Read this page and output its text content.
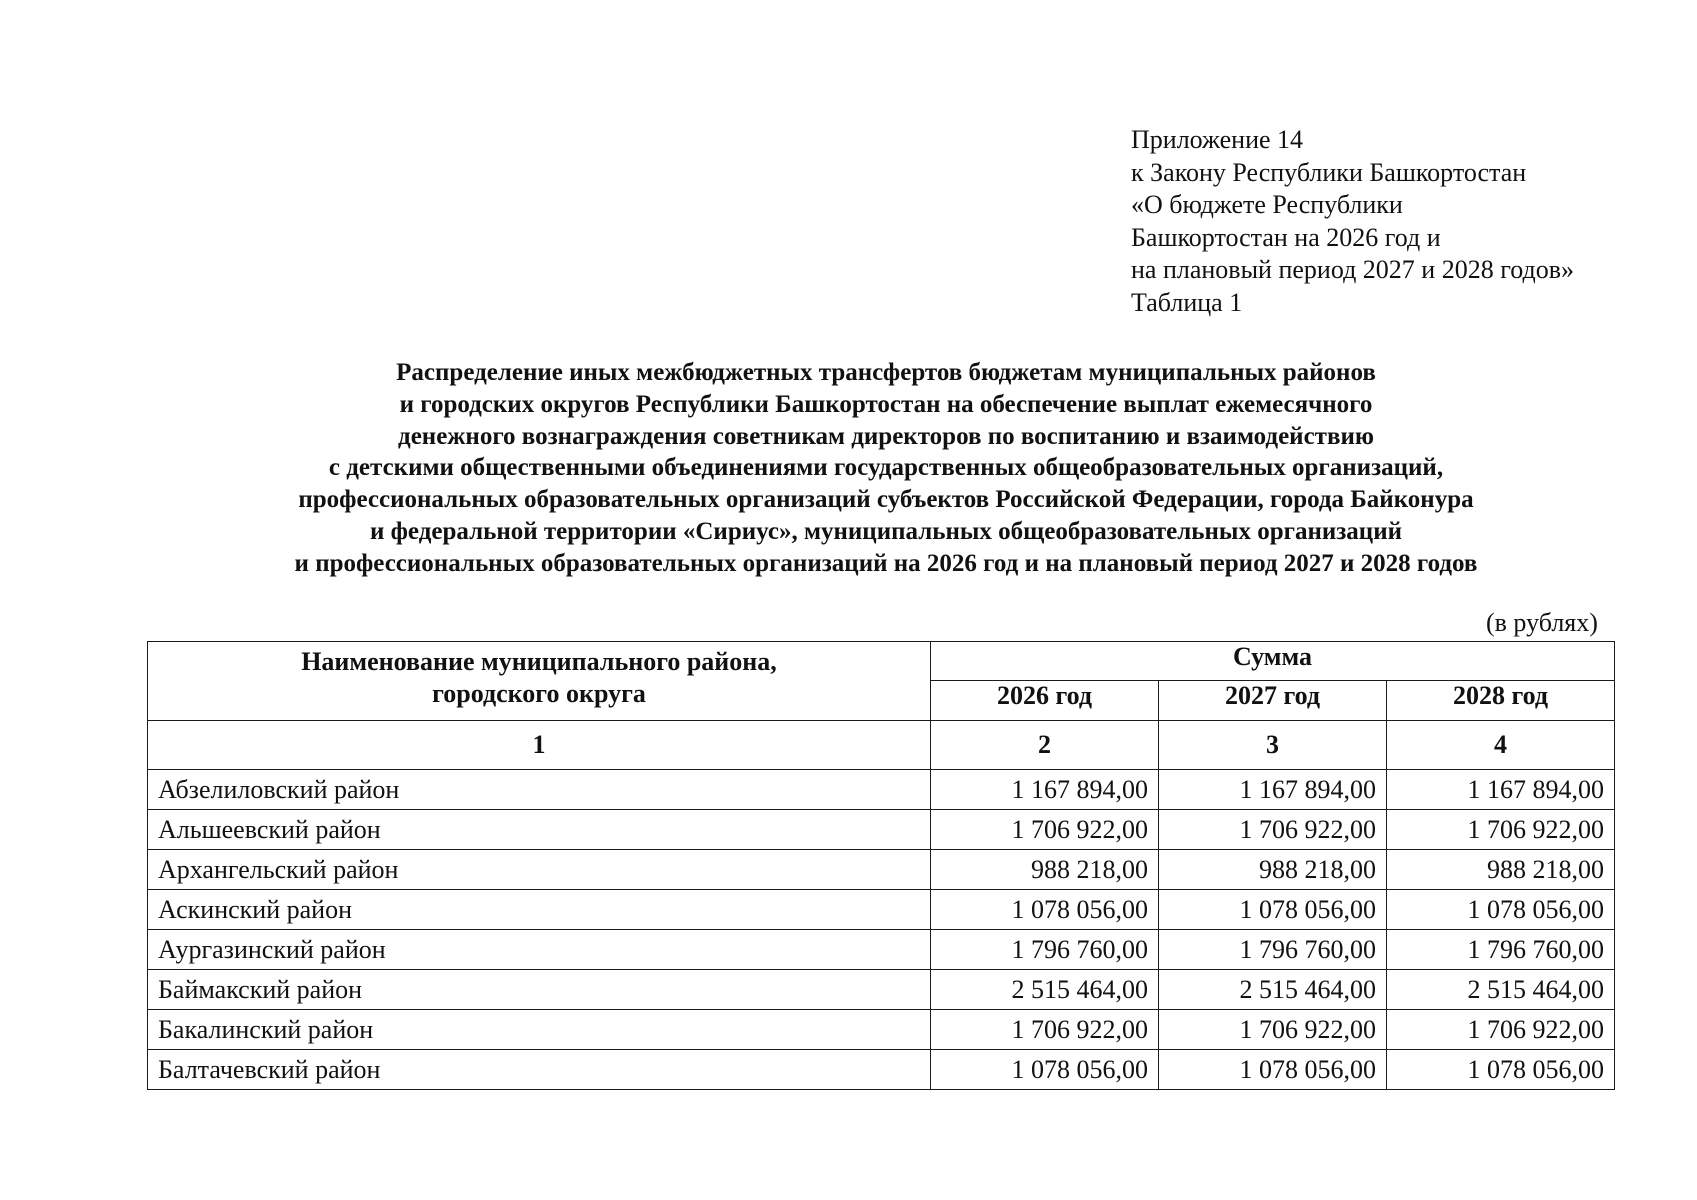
Приложение 14
к Закону Республики Башкортостан
«О бюджете Республики
Башкортостан на 2026 год и
на плановый период 2027 и 2028 годов»
Таблица 1
Распределение иных межбюджетных трансфертов бюджетам муниципальных районов
и городских округов Республики Башкортостан на обеспечение выплат ежемесячного
денежного вознаграждения советникам директоров по воспитанию и взаимодействию
с детскими общественными объединениями государственных общеобразовательных организаций,
профессиональных образовательных организаций субъектов Российской Федерации, города Байконура
и федеральной территории «Сириус», муниципальных общеобразовательных организаций
и профессиональных образовательных организаций на 2026 год и на плановый период 2027 и 2028 годов
(в рублях)
Наименование муниципального района,
городского округа	Сумма		
	2026 год	2027 год	2028 год
1	2	3	4
Абзелиловский район	1 167 894,00	1 167 894,00	1 167 894,00
Альшеевский район	1 706 922,00	1 706 922,00	1 706 922,00
Архангельский район	988 218,00	988 218,00	988 218,00
Аскинский район	1 078 056,00	1 078 056,00	1 078 056,00
Аургазинский район	1 796 760,00	1 796 760,00	1 796 760,00
Баймакский район	2 515 464,00	2 515 464,00	2 515 464,00
Бакалинский район	1 706 922,00	1 706 922,00	1 706 922,00
Балтачевский район	1 078 056,00	1 078 056,00	1 078 056,00
